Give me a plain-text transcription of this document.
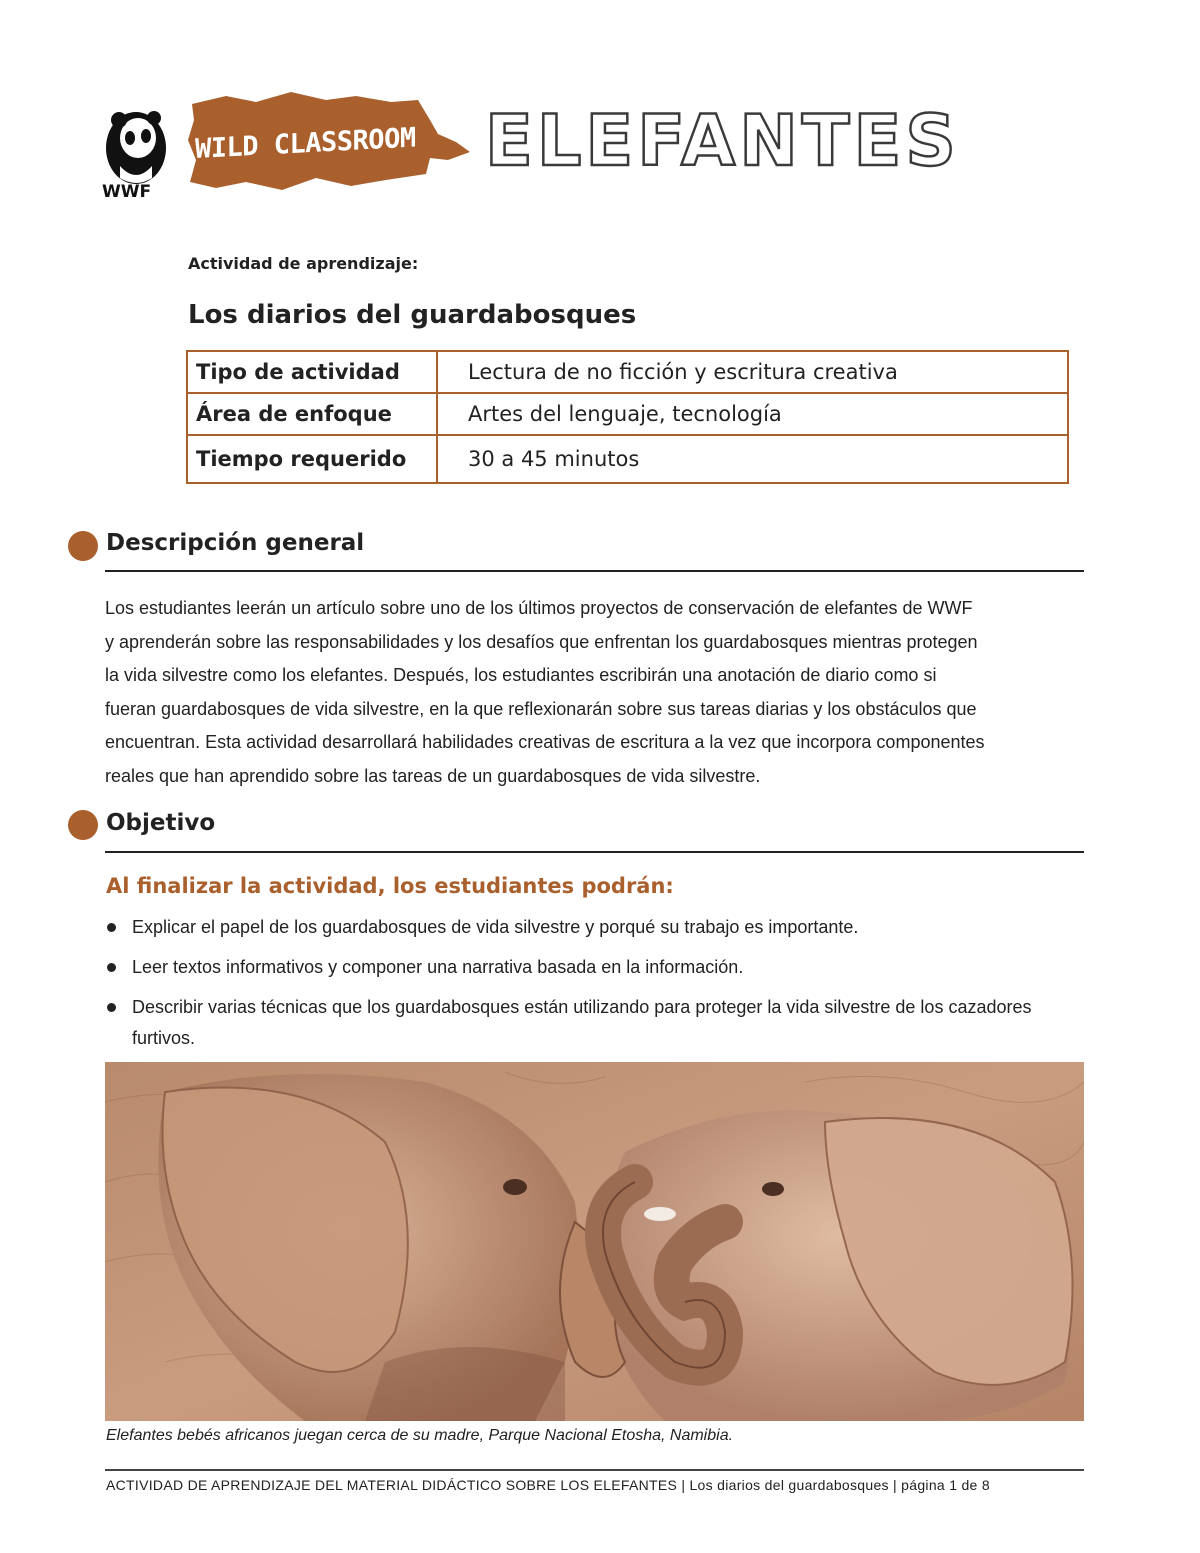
WWF
WILD CLASSROOM ELEFANTES
Actividad de aprendizaje:
Los diarios del guardabosques
Tipo de actividad	Lectura de no ficción y escritura creativa
Área de enfoque	Artes del lenguaje, tecnología
Tiempo requerido	30 a 45 minutos
Descripción general
Los estudiantes leerán un artículo sobre uno de los últimos proyectos de conservación de elefantes de WWF
y aprenderán sobre las responsabilidades y los desafíos que enfrentan los guardabosques mientras protegen
la vida silvestre como los elefantes. Después, los estudiantes escribirán una anotación de diario como si
fueran guardabosques de vida silvestre, en la que reflexionarán sobre sus tareas diarias y los obstáculos que
encuentran. Esta actividad desarrollará habilidades creativas de escritura a la vez que incorpora componentes
reales que han aprendido sobre las tareas de un guardabosques de vida silvestre.
Objetivo
Al finalizar la actividad, los estudiantes podrán:
Explicar el papel de los guardabosques de vida silvestre y porqué su trabajo es importante.
Leer textos informativos y componer una narrativa basada en la información.
Describir varias técnicas que los guardabosques están utilizando para proteger la vida silvestre de los cazadores furtivos.
Elefantes bebés africanos juegan cerca de su madre, Parque Nacional Etosha, Namibia.
ACTIVIDAD DE APRENDIZAJE DEL MATERIAL DIDÁCTICO SOBRE LOS ELEFANTES | Los diarios del guardabosques | página 1 de 8
